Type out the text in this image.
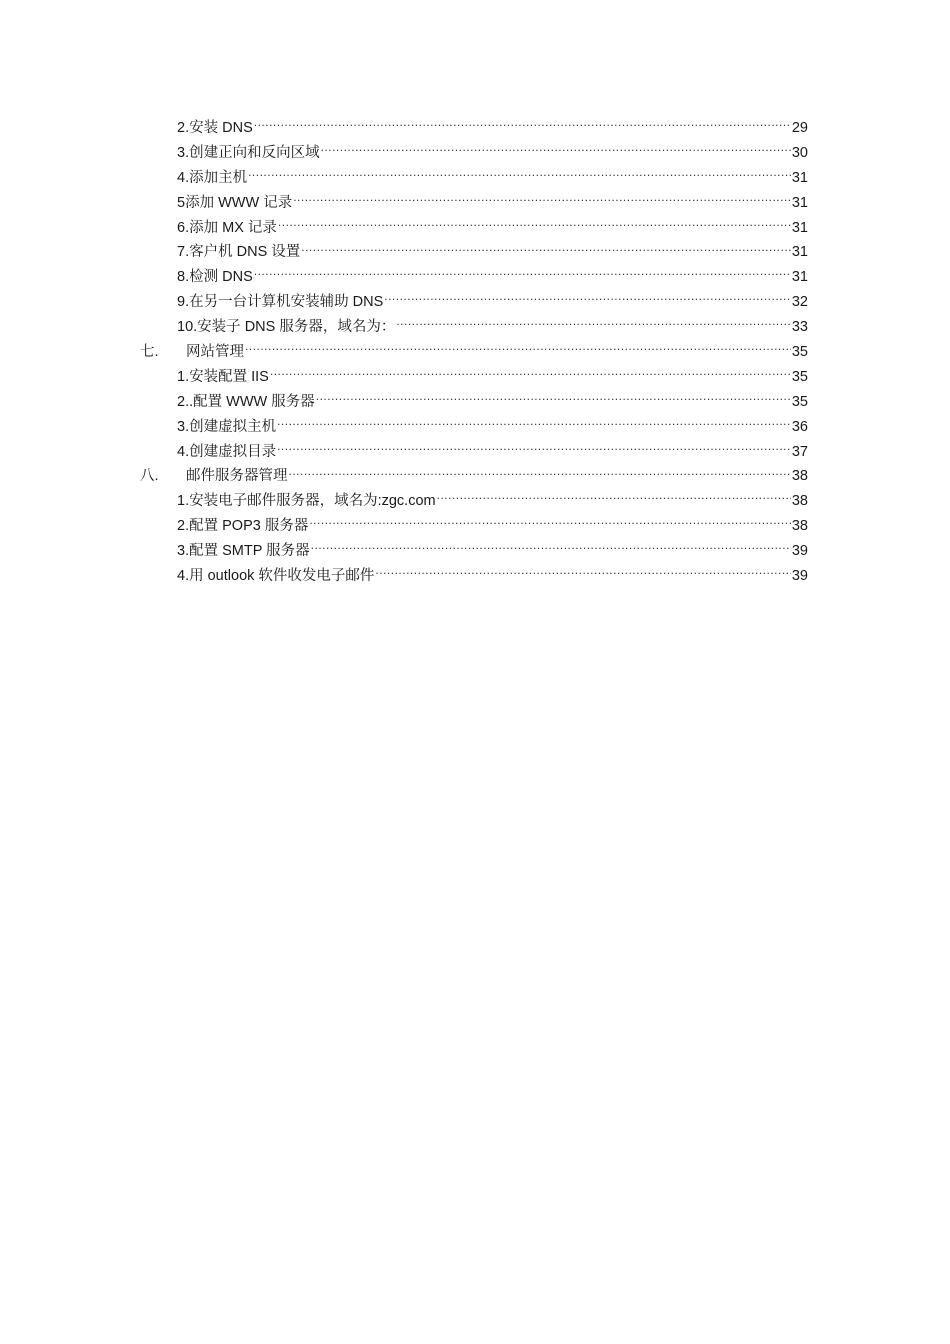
2. 安装 DNS .....	29
3. 创建正向和反向区域 .....	30
4. 添加主机 .....	31
5 添加 WWW 记录 .....	31
6. 添加 MX 记录 .....	31
7. 客户机 DNS 设置 .....	31
8. 检测 DNS .....	31
9. 在另一台计算机安装辅助 DNS .....	32
10. 安装子 DNS 服务器，域名为： .....	33
七.	网站管理 .....	35
1. 安装配置 IIS .....	35
2.. 配置 WWW 服务器 .....	35
3. 创建虚拟主机 .....	36
4. 创建虚拟目录 .....	37
八.	邮件服务器管理 .....	38
1. 安装电子邮件服务器，域名为:zgc.com .....	38
2. 配置 POP3 服务器 .....	38
3. 配置 SMTP 服务器 .....	39
4. 用 outlook 软件收发电子邮件 .....	39
